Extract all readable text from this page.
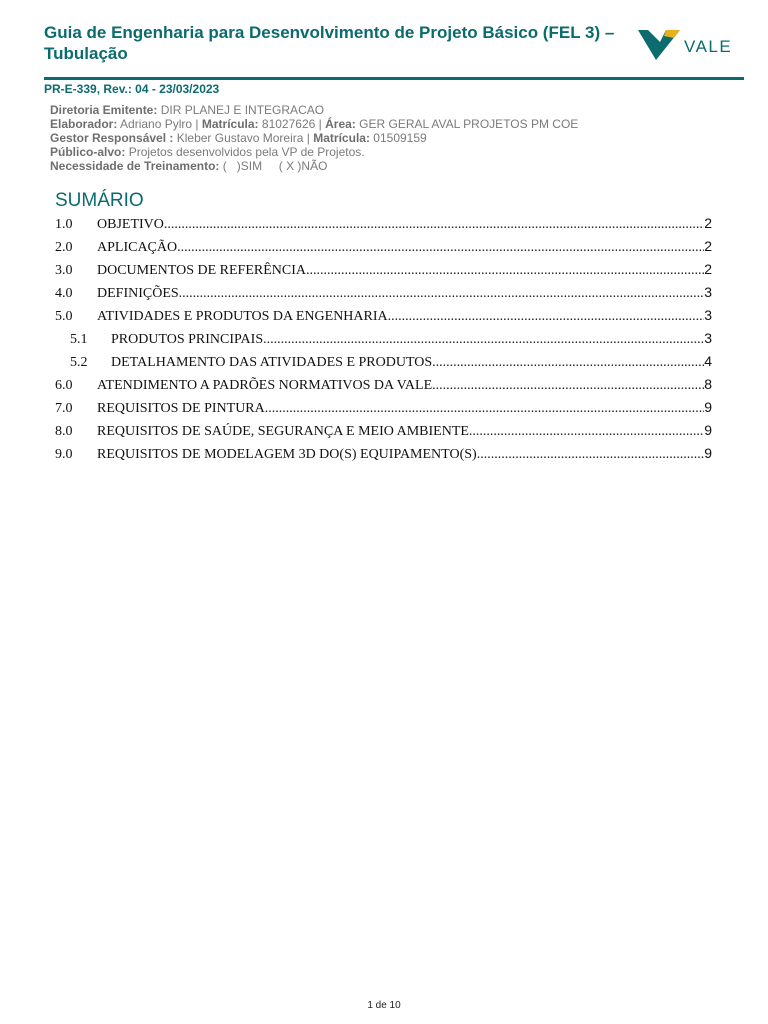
Guia de Engenharia para Desenvolvimento de Projeto Básico (FEL 3) – Tubulação	VALE
PR-E-339, Rev.: 04 - 23/03/2023
Diretoria Emitente: DIR PLANEJ E INTEGRACAO
Elaborador: Adriano Pylro | Matrícula: 81027626 | Área: GER GERAL AVAL PROJETOS PM COE
Gestor Responsável : Kleber Gustavo Moreira | Matrícula: 01509159
Público-alvo: Projetos desenvolvidos pela VP de Projetos.
Necessidade de Treinamento: (   )SIM     ( X )NÃO
SUMÁRIO
1.0	OBJETIVO .....	2
2.0	APLICAÇÃO .....	2
3.0	DOCUMENTOS DE REFERÊNCIA .....	2
4.0	DEFINIÇÕES .....	3
5.0	ATIVIDADES E PRODUTOS DA ENGENHARIA .....	3
5.1	PRODUTOS PRINCIPAIS .....	3
5.2	DETALHAMENTO DAS ATIVIDADES E PRODUTOS .....	4
6.0	ATENDIMENTO A PADRÕES NORMATIVOS DA VALE .....	8
7.0	REQUISITOS DE PINTURA .....	9
8.0	REQUISITOS DE SAÚDE, SEGURANÇA E MEIO AMBIENTE .....	9
9.0	REQUISITOS DE MODELAGEM 3D DO(S) EQUIPAMENTO(S) .....	9
1 de 10
